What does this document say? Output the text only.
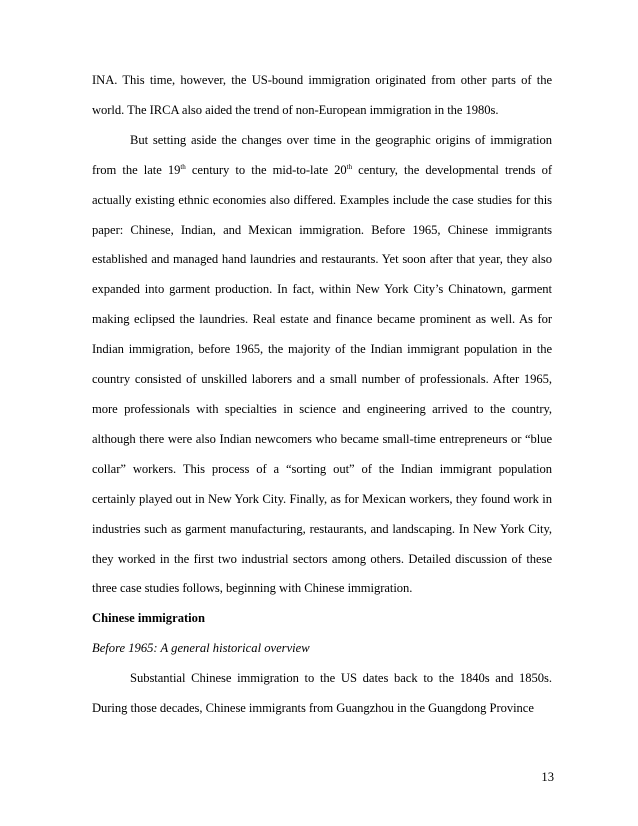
INA. This time, however, the US-bound immigration originated from other parts of the world. The IRCA also aided the trend of non-European immigration in the 1980s.

But setting aside the changes over time in the geographic origins of immigration from the late 19th century to the mid-to-late 20th century, the developmental trends of actually existing ethnic economies also differed. Examples include the case studies for this paper: Chinese, Indian, and Mexican immigration. Before 1965, Chinese immigrants established and managed hand laundries and restaurants. Yet soon after that year, they also expanded into garment production. In fact, within New York City’s Chinatown, garment making eclipsed the laundries. Real estate and finance became prominent as well. As for Indian immigration, before 1965, the majority of the Indian immigrant population in the country consisted of unskilled laborers and a small number of professionals. After 1965, more professionals with specialties in science and engineering arrived to the country, although there were also Indian newcomers who became small-time entrepreneurs or “blue collar” workers. This process of a “sorting out” of the Indian immigrant population certainly played out in New York City. Finally, as for Mexican workers, they found work in industries such as garment manufacturing, restaurants, and landscaping. In New York City, they worked in the first two industrial sectors among others. Detailed discussion of these three case studies follows, beginning with Chinese immigration.

Chinese immigration

Before 1965: A general historical overview

Substantial Chinese immigration to the US dates back to the 1840s and 1850s. During those decades, Chinese immigrants from Guangzhou in the Guangdong Province

13
